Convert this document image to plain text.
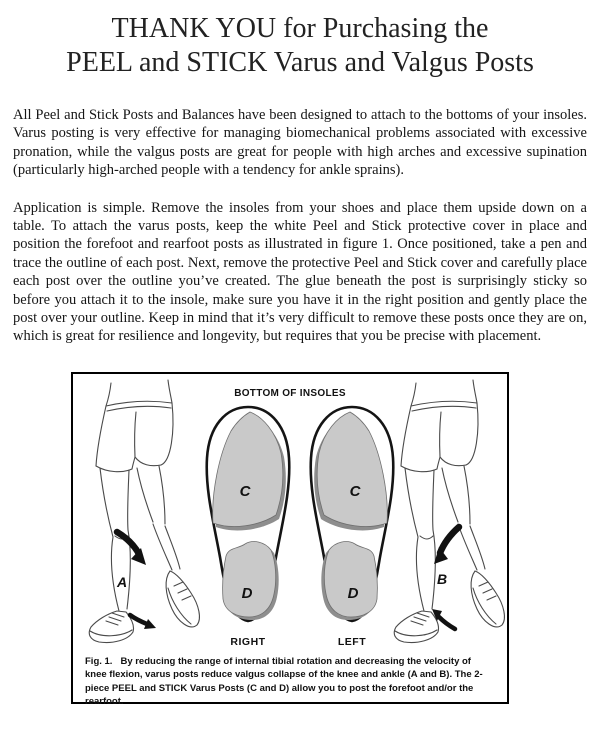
THANK YOU for Purchasing the
PEEL and STICK Varus and Valgus Posts

All Peel and Stick Posts and Balances have been designed to attach to the bottoms of your insoles. Varus posting is very effective for managing biomechanical problems associated with excessive pronation, while the valgus posts are great for people with high arches and excessive supination (particularly high-arched people with a tendency for ankle sprains).

Application is simple. Remove the insoles from your shoes and place them upside down on a table. To attach the varus posts, keep the white Peel and Stick protective cover in place and position the forefoot and rearfoot posts as illustrated in figure 1. Once positioned, take a pen and trace the outline of each post. Next, remove the protective Peel and Stick cover and carefully place each post over the outline you’ve created. The glue beneath the post is surprisingly sticky so before you attach it to the insole, make sure you have it in the right position and gently place the post over your outline. Keep in mind that it’s very difficult to remove these posts once they are on, which is great for resilience and longevity, but requires that you be precise with placement.

BOTTOM OF INSOLES
A	B
C	C
D	D
RIGHT	LEFT
Fig. 1. By reducing the range of internal tibial rotation and decreasing the velocity of knee flexion, varus posts reduce valgus collapse of the knee and ankle (A and B). The 2-piece PEEL and STICK Varus Posts (C and D) allow you to post the forefoot and/or the rearfoot.
